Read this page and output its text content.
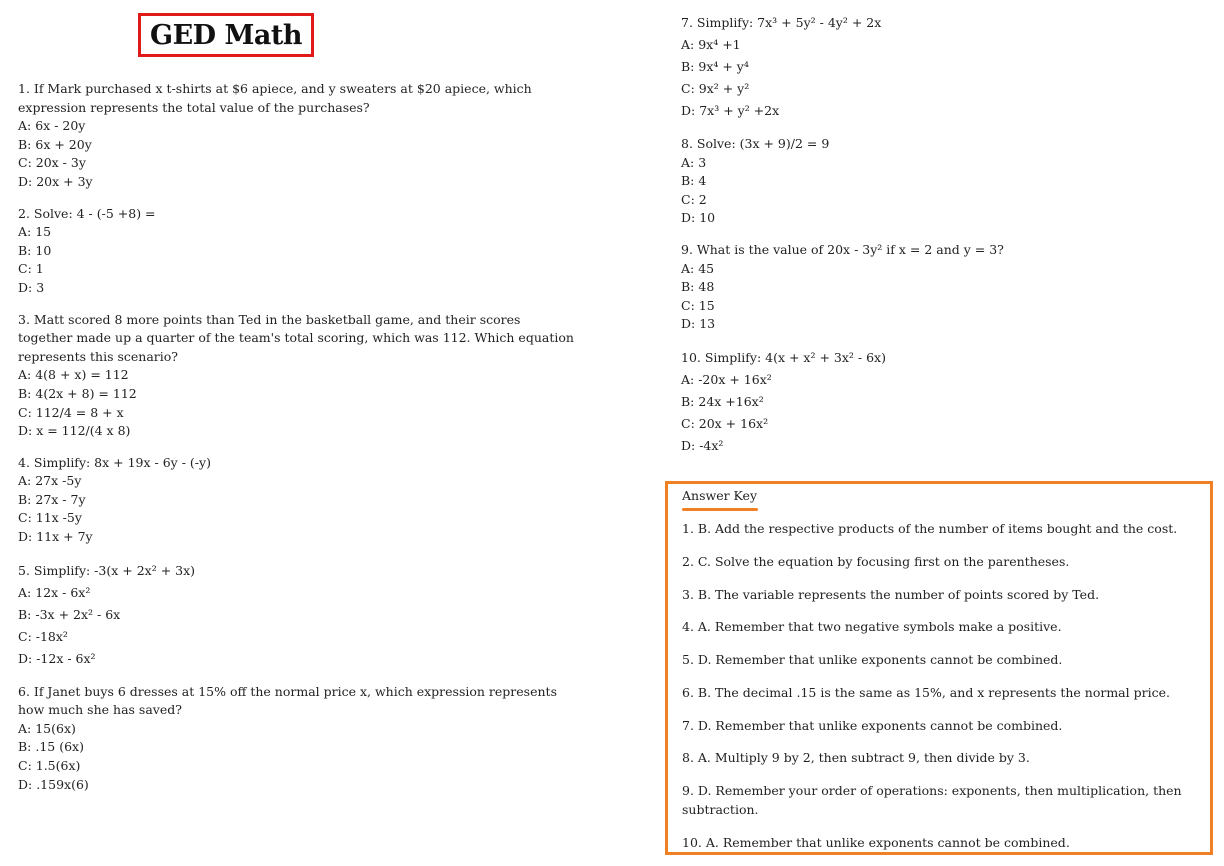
GED Math
1. If Mark purchased x t-shirts at $6 apiece, and y sweaters at $20 apiece, which expression represents the total value of the purchases?
A: 6x - 20y
B: 6x + 20y
C: 20x - 3y
D: 20x + 3y
2. Solve: 4 - (-5 +8) =
A: 15
B: 10
C: 1
D: 3
3. Matt scored 8 more points than Ted in the basketball game, and their scores together made up a quarter of the team's total scoring, which was 112. Which equation represents this scenario?
A: 4(8 + x) = 112
B: 4(2x + 8) = 112
C: 112/4 = 8 + x
D: x = 112/(4 x 8)
4. Simplify: 8x + 19x - 6y - (-y)
A: 27x -5y
B: 27x - 7y
C: 11x -5y
D: 11x + 7y
5. Simplify: -3(x + 2x² + 3x)
A: 12x - 6x²
B: -3x + 2x² - 6x
C: -18x²
D: -12x - 6x²
6. If Janet buys 6 dresses at 15% off the normal price x, which expression represents how much she has saved?
A: 15(6x)
B: .15 (6x)
C: 1.5(6x)
D: .159x(6)
7. Simplify: 7x³ + 5y² - 4y² + 2x
A: 9x⁴ +1
B: 9x⁴ + y⁴
C: 9x² + y²
D: 7x³ + y² +2x
8. Solve: (3x + 9)/2 = 9
A: 3
B: 4
C: 2
D: 10
9. What is the value of 20x - 3y² if x = 2 and y = 3?
A: 45
B: 48
C: 15
D: 13
10. Simplify: 4(x + x² + 3x² - 6x)
A: -20x + 16x²
B: 24x +16x²
C: 20x + 16x²
D: -4x²
Answer Key
1. B. Add the respective products of the number of items bought and the cost.
2. C. Solve the equation by focusing first on the parentheses.
3. B. The variable represents the number of points scored by Ted.
4. A. Remember that two negative symbols make a positive.
5. D. Remember that unlike exponents cannot be combined.
6. B. The decimal .15 is the same as 15%, and x represents the normal price.
7. D. Remember that unlike exponents cannot be combined.
8. A. Multiply 9 by 2, then subtract 9, then divide by 3.
9. D. Remember your order of operations: exponents, then multiplication, then subtraction.
10. A. Remember that unlike exponents cannot be combined.
